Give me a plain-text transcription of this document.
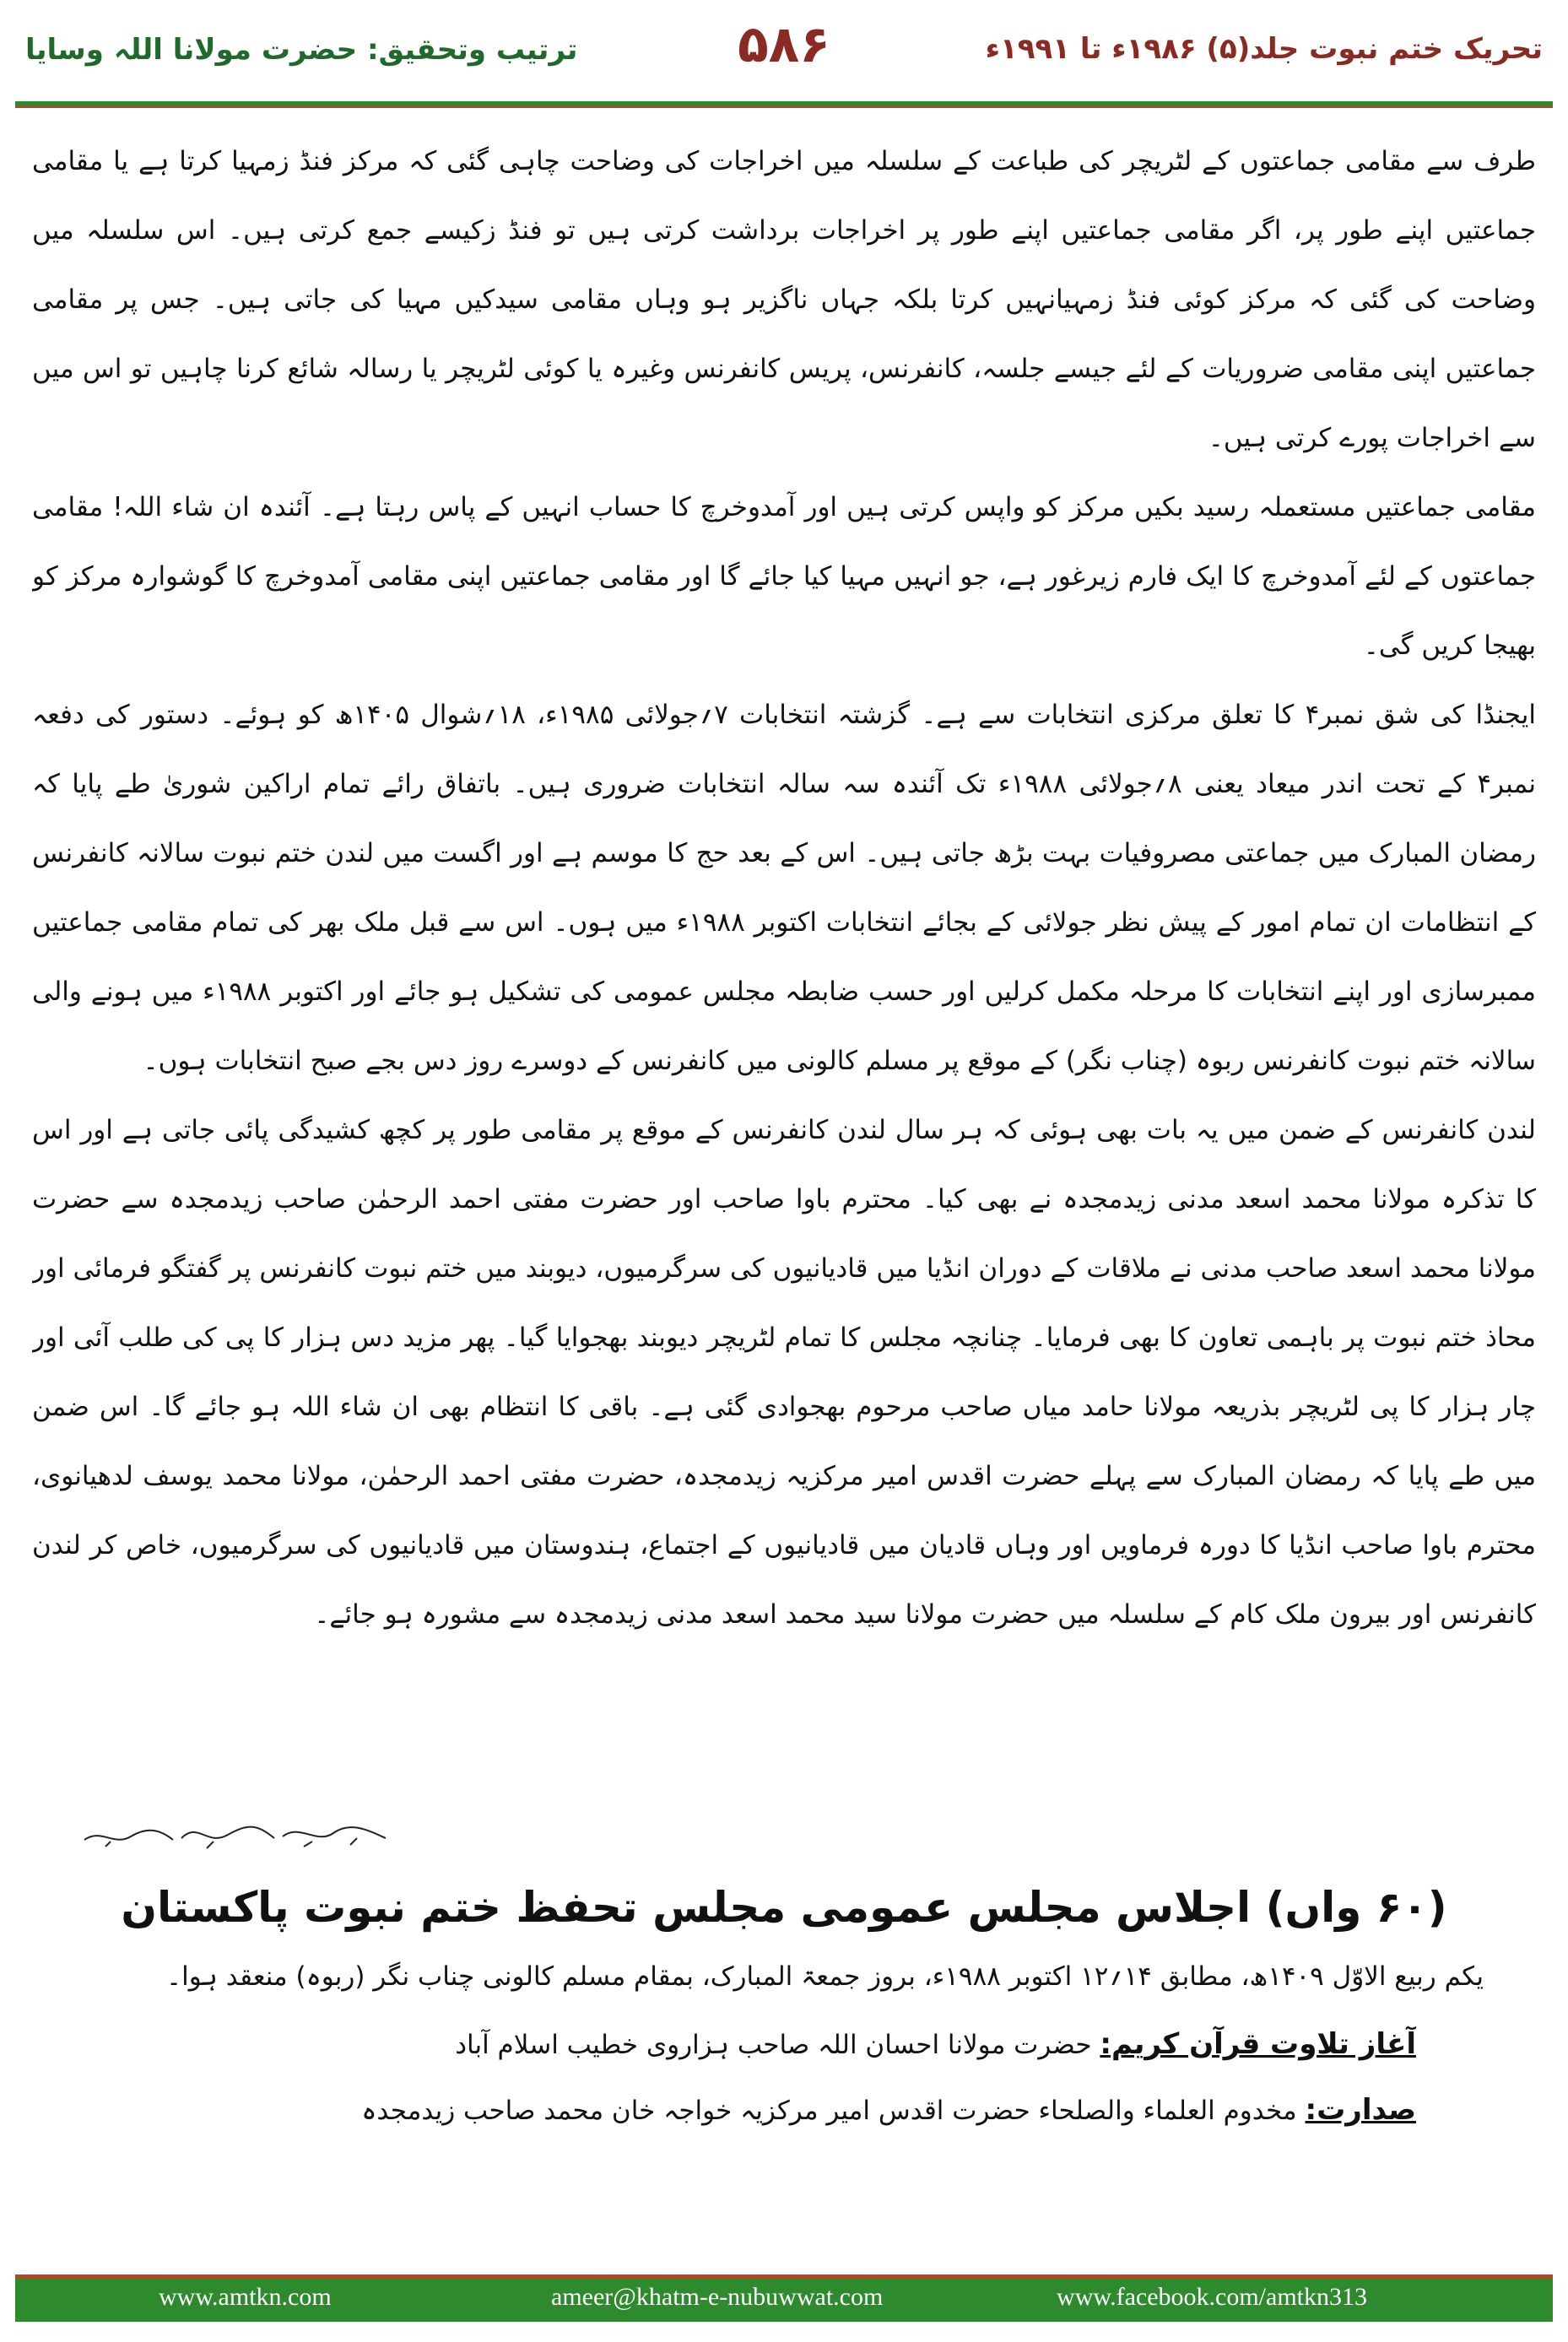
تحریک ختم نبوت جلد(۵) ۱۹۸۶ء تا ۱۹۹۱ء
۵۸۶
ترتیب وتحقیق: حضرت مولانا اللہ وسایا

طرف سے مقامی جماعتوں کے لٹریچر کی طباعت کے سلسلہ میں اخراجات کی وضاحت چاہی گئی کہ مرکز فنڈ زمہیا کرتا ہے یا مقامی جماعتیں اپنے طور پر، اگر مقامی جماعتیں اپنے طور پر اخراجات برداشت کرتی ہیں تو فنڈ زکیسے جمع کرتی ہیں۔ اس سلسلہ میں وضاحت کی گئی کہ مرکز کوئی فنڈ زمہیانہیں کرتا بلکہ جہاں ناگزیر ہو وہاں مقامی سیدکیں مہیا کی جاتی ہیں۔ جس پر مقامی جماعتیں اپنی مقامی ضروریات کے لئے جیسے جلسہ، کانفرنس، پریس کانفرنس وغیرہ یا کوئی لٹریچر یا رسالہ شائع کرنا چاہیں تو اس میں سے اخراجات پورے کرتی ہیں۔

مقامی جماعتیں مستعملہ رسید بکیں مرکز کو واپس کرتی ہیں اور آمدوخرچ کا حساب انہیں کے پاس رہتا ہے۔ آئندہ ان شاء اللہ! مقامی جماعتوں کے لئے آمدوخرچ کا ایک فارم زیرغور ہے، جو انہیں مہیا کیا جائے گا اور مقامی جماعتیں اپنی مقامی آمدوخرچ کا گوشوارہ مرکز کو بھیجا کریں گی۔

ایجنڈا کی شق نمبر۴ کا تعلق مرکزی انتخابات سے ہے۔ گزشتہ انتخابات ۷؍جولائی ۱۹۸۵ء، ۱۸؍شوال ۱۴۰۵ھ کو ہوئے۔ دستور کی دفعہ نمبر۴ کے تحت اندر میعاد یعنی ۸؍جولائی ۱۹۸۸ء تک آئندہ سہ سالہ انتخابات ضروری ہیں۔ باتفاق رائے تمام اراکین شوریٰ طے پایا کہ رمضان المبارک میں جماعتی مصروفیات بہت بڑھ جاتی ہیں۔ اس کے بعد حج کا موسم ہے اور اگست میں لندن ختم نبوت سالانہ کانفرنس کے انتظامات ان تمام امور کے پیش نظر جولائی کے بجائے انتخابات اکتوبر ۱۹۸۸ء میں ہوں۔ اس سے قبل ملک بھر کی تمام مقامی جماعتیں ممبرسازی اور اپنے انتخابات کا مرحلہ مکمل کرلیں اور حسب ضابطہ مجلس عمومی کی تشکیل ہو جائے اور اکتوبر ۱۹۸۸ء میں ہونے والی سالانہ ختم نبوت کانفرنس ربوہ (چناب نگر) کے موقع پر مسلم کالونی میں کانفرنس کے دوسرے روز دس بجے صبح انتخابات ہوں۔

لندن کانفرنس کے ضمن میں یہ بات بھی ہوئی کہ ہر سال لندن کانفرنس کے موقع پر مقامی طور پر کچھ کشیدگی پائی جاتی ہے اور اس کا تذکرہ مولانا محمد اسعد مدنی زیدمجدہ نے بھی کیا۔ محترم باوا صاحب اور حضرت مفتی احمد الرحمٰن صاحب زیدمجدہ سے حضرت مولانا محمد اسعد صاحب مدنی نے ملاقات کے دوران انڈیا میں قادیانیوں کی سرگرمیوں، دیوبند میں ختم نبوت کانفرنس پر گفتگو فرمائی اور محاذ ختم نبوت پر باہمی تعاون کا بھی فرمایا۔ چنانچہ مجلس کا تمام لٹریچر دیوبند بھجوایا گیا۔ پھر مزید دس ہزار کا پی کی طلب آئی اور چار ہزار کا پی لٹریچر بذریعہ مولانا حامد میاں صاحب مرحوم بھجوادی گئی ہے۔ باقی کا انتظام بھی ان شاء اللہ ہو جائے گا۔ اس ضمن میں طے پایا کہ رمضان المبارک سے پہلے حضرت اقدس امیر مرکزیہ زیدمجدہ، حضرت مفتی احمد الرحمٰن، مولانا محمد یوسف لدھیانوی، محترم باوا صاحب انڈیا کا دورہ فرماویں اور وہاں قادیان میں قادیانیوں کے اجتماع، ہندوستان میں قادیانیوں کی سرگرمیوں، خاص کر لندن کانفرنس اور بیرون ملک کام کے سلسلہ میں حضرت مولانا سید محمد اسعد مدنی زیدمجدہ سے مشورہ ہو جائے۔

(۶۰ واں) اجلاس مجلس عمومی مجلس تحفظ ختم نبوت پاکستان
یکم ربیع الاوّل ۱۴۰۹ھ، مطابق ۱۴؍۱۲ اکتوبر ۱۹۸۸ء، بروز جمعۃ المبارک، بمقام مسلم کالونی چناب نگر (ربوہ) منعقد ہوا۔
آغاز تلاوت قرآن کریم: حضرت مولانا احسان اللہ صاحب ہزاروی خطیب اسلام آباد
صدارت: مخدوم العلماء والصلحاء حضرت اقدس امیر مرکزیہ خواجہ خان محمد صاحب زیدمجدہ
www.amtkn.com	ameer@khatm-e-nubuwwat.com	www.facebook.com/amtkn313
